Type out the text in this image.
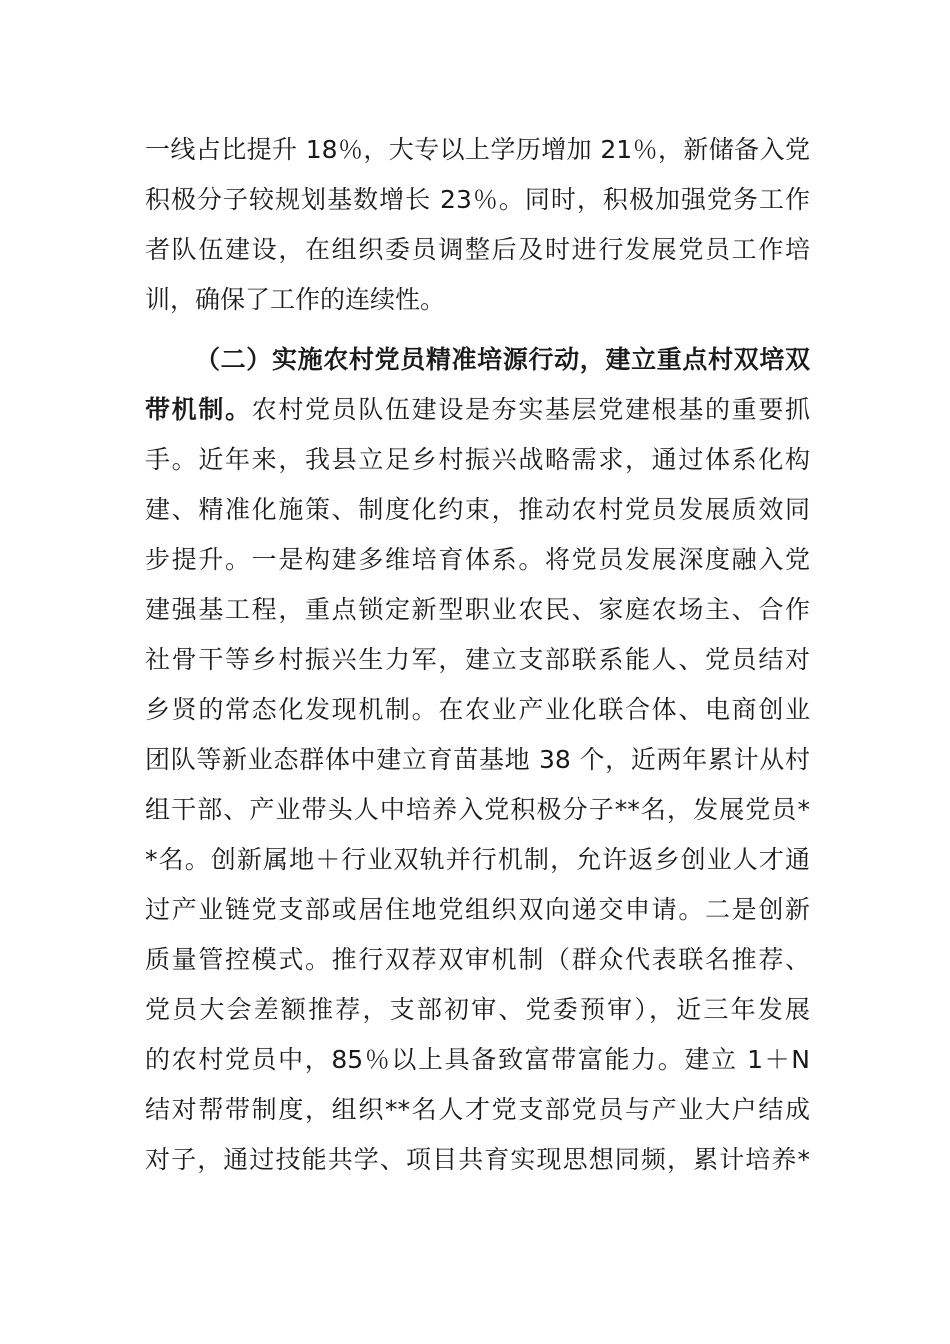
一线占比提升 18％，大专以上学历增加 21％，新储备入党
积极分子较规划基数增长 23％。同时，积极加强党务工作
者队伍建设，在组织委员调整后及时进行发展党员工作培
训，确保了工作的连续性。
（二）实施农村党员精准培源行动，建立重点村双培双
带机制。农村党员队伍建设是夯实基层党建根基的重要抓
手。近年来，我县立足乡村振兴战略需求，通过体系化构
建、精准化施策、制度化约束，推动农村党员发展质效同
步提升。一是构建多维培育体系。将党员发展深度融入党
建强基工程，重点锁定新型职业农民、家庭农场主、合作
社骨干等乡村振兴生力军，建立支部联系能人、党员结对
乡贤的常态化发现机制。在农业产业化联合体、电商创业
团队等新业态群体中建立育苗基地 38 个，近两年累计从村
组干部、产业带头人中培养入党积极分子**名，发展党员*
*名。创新属地＋行业双轨并行机制，允许返乡创业人才通
过产业链党支部或居住地党组织双向递交申请。二是创新
质量管控模式。推行双荐双审机制（群众代表联名推荐、
党员大会差额推荐，支部初审、党委预审），近三年发展
的农村党员中，85％以上具备致富带富能力。建立 1＋N
结对帮带制度，组织**名人才党支部党员与产业大户结成
对子，通过技能共学、项目共育实现思想同频，累计培养*
